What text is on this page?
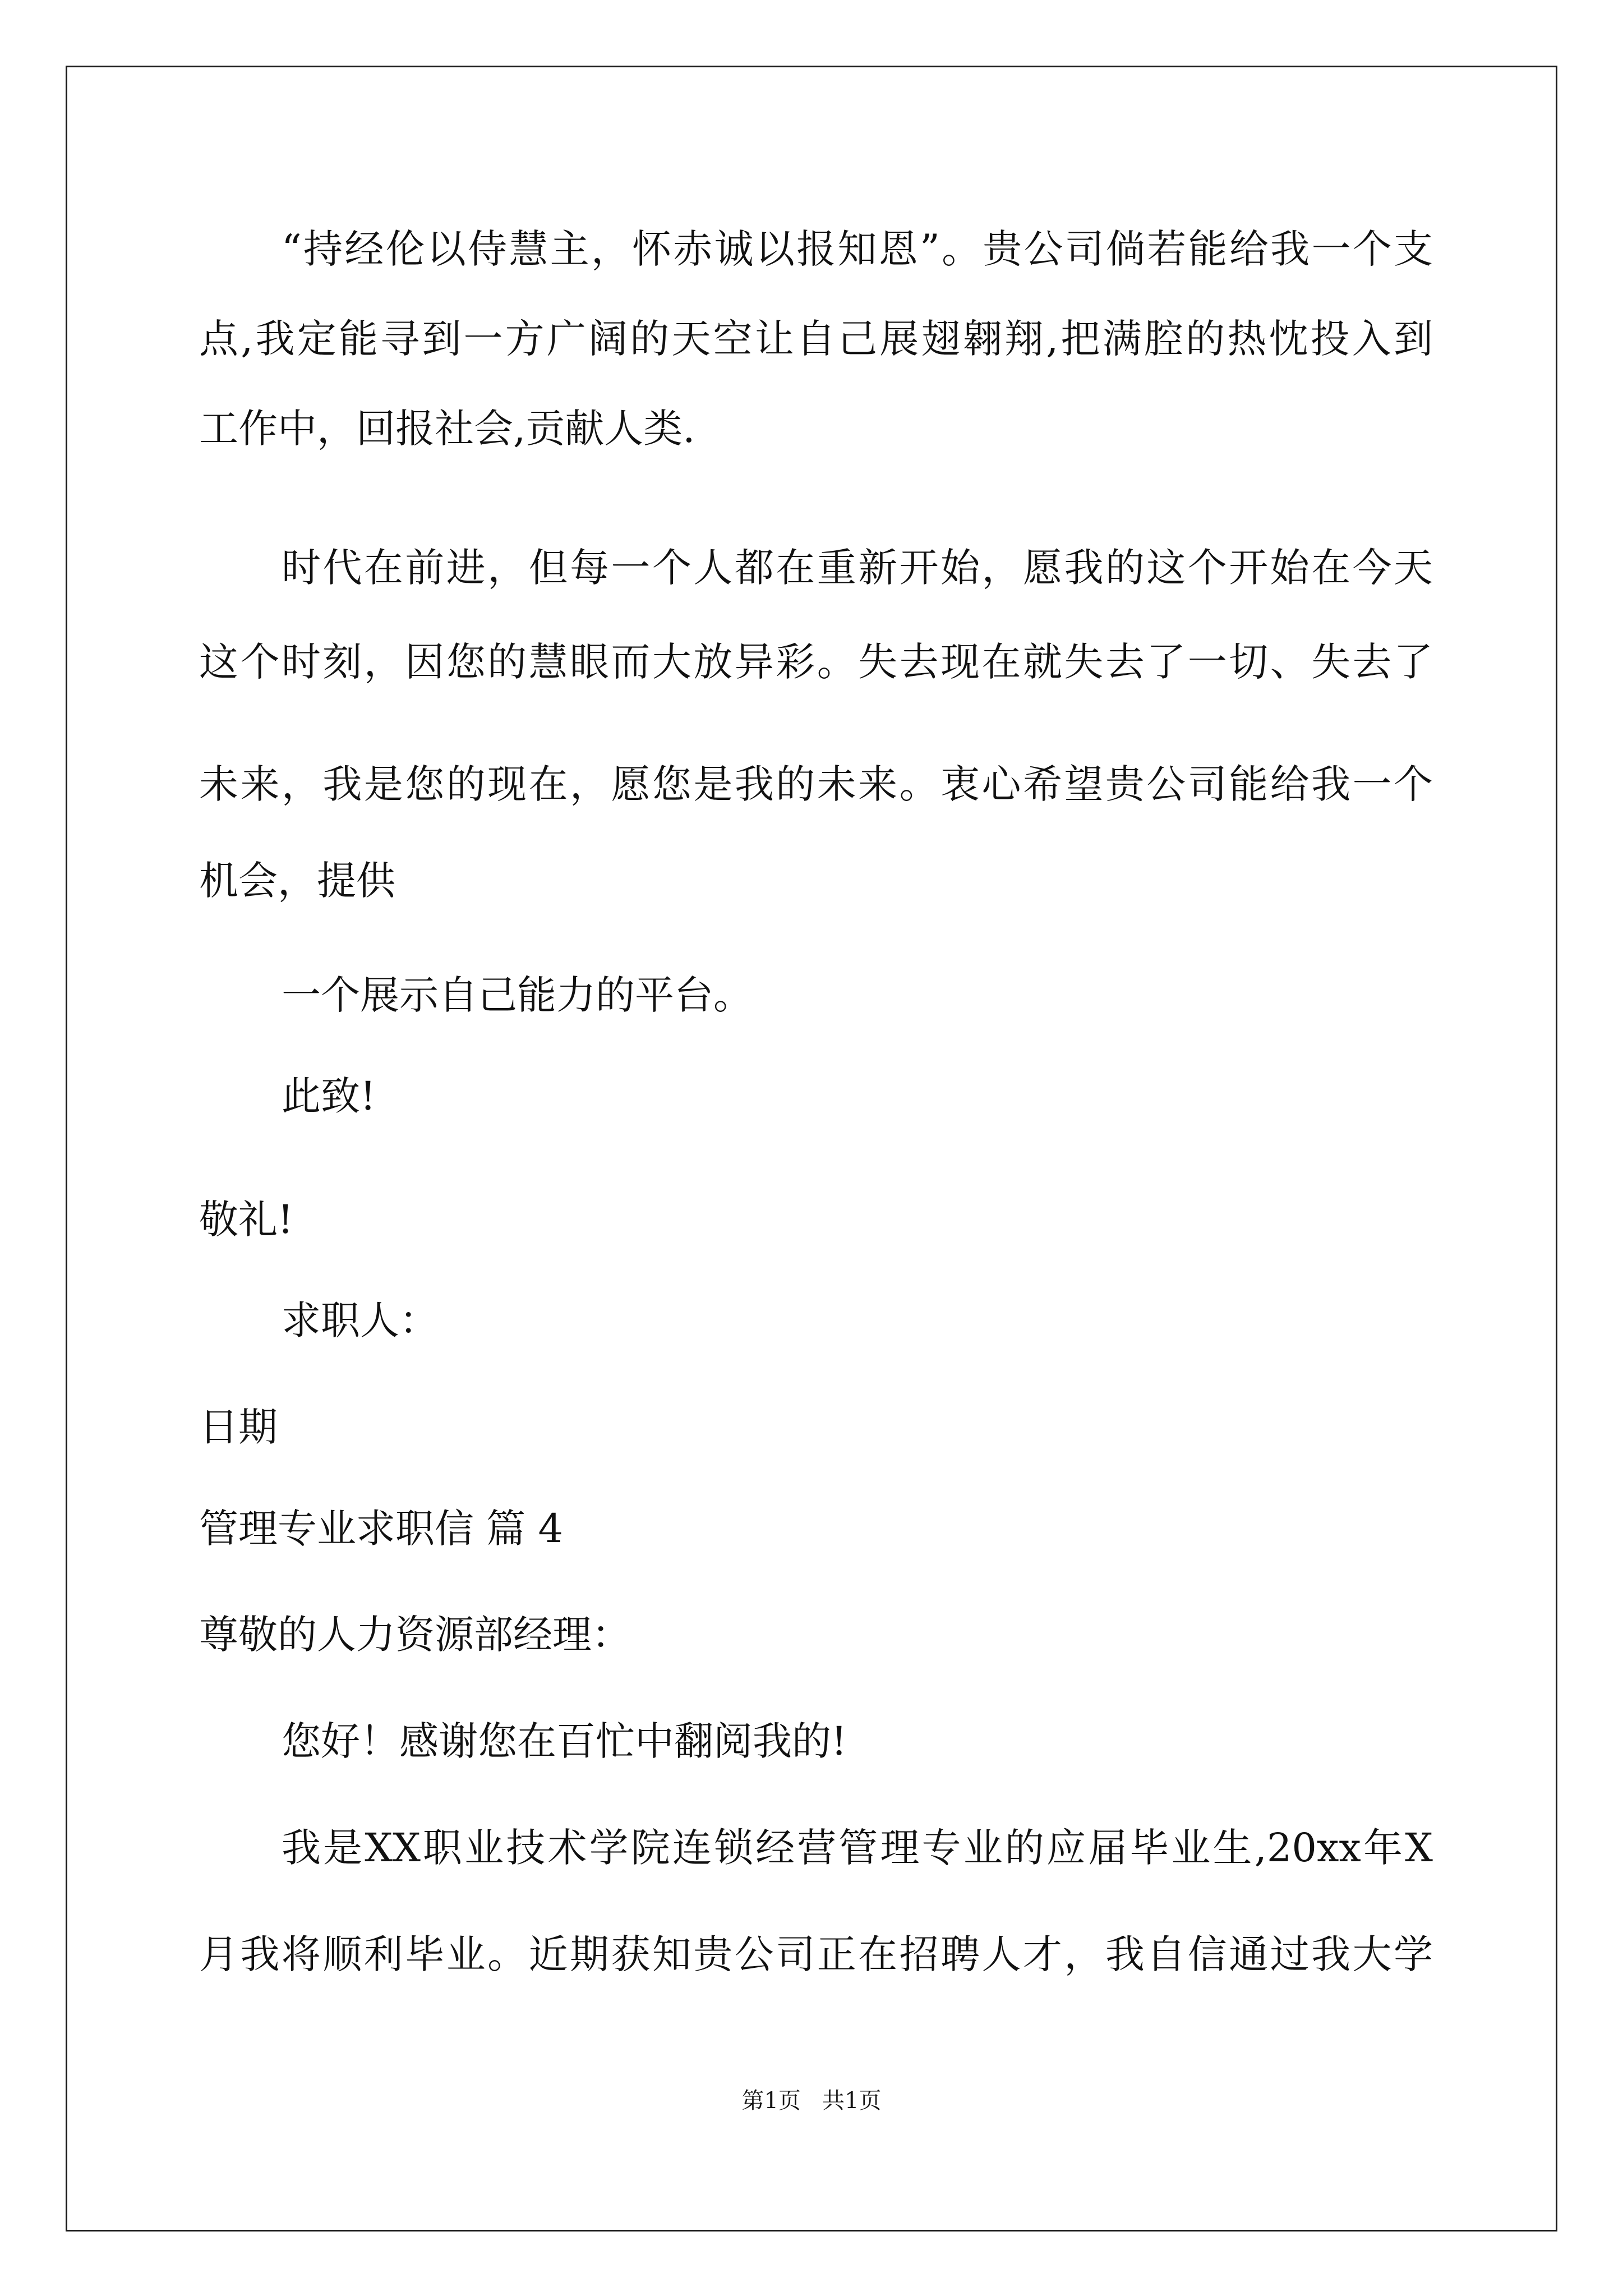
“持经伦以侍慧主，怀赤诚以报知恩”。贵公司倘若能给我一个支

点,我定能寻到一方广阔的天空让自己展翅翱翔,把满腔的热忱投入到

工作中，回报社会,贡献人类.

时代在前进，但每一个人都在重新开始，愿我的这个开始在今天

这个时刻，因您的慧眼而大放异彩。失去现在就失去了一切、失去了

未来，我是您的现在，愿您是我的未来。衷心希望贵公司能给我一个

机会，提供

一个展示自己能力的平台。

此致!

敬礼!

求职人：

日期

管理专业求职信 篇 4

尊敬的人力资源部经理：

您好！感谢您在百忙中翻阅我的!

我是XX职业技术学院连锁经营管理专业的应届毕业生,20xx年X

月我将顺利毕业。近期获知贵公司正在招聘人才，我自信通过我大学

第1页   共1页
